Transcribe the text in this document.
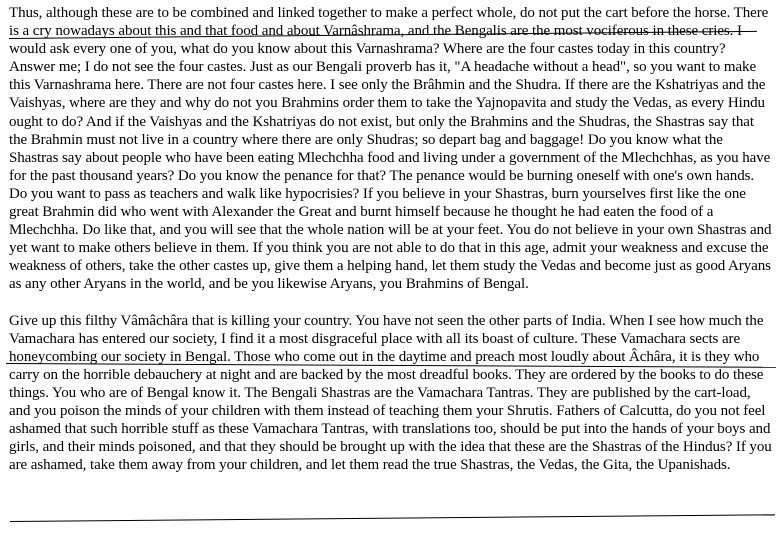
Thus, although these are to be combined and linked together to make a perfect whole, do not put the cart before the horse. There is a cry nowadays about this and that food and about Varnâshrama, and the Bengalis are the most vociferous in these cries. I would ask every one of you, what do you know about this Varnashrama? Where are the four castes today in this country? Answer me; I do not see the four castes. Just as our Bengali proverb has it, "A headache without a head", so you want to make this Varnashrama here. There are not four castes here. I see only the Brâhmin and the Shudra. If there are the Kshatriyas and the Vaishyas, where are they and why do not you Brahmins order them to take the Yajnopavita and study the Vedas, as every Hindu ought to do? And if the Vaishyas and the Kshatriyas do not exist, but only the Brahmins and the Shudras, the Shastras say that the Brahmin must not live in a country where there are only Shudras; so depart bag and baggage! Do you know what the Shastras say about people who have been eating Mlechchha food and living under a government of the Mlechchhas, as you have for the past thousand years? Do you know the penance for that? The penance would be burning oneself with one's own hands. Do you want to pass as teachers and walk like hypocrisies? If you believe in your Shastras, burn yourselves first like the one great Brahmin did who went with Alexander the Great and burnt himself because he thought he had eaten the food of a Mlechchha. Do like that, and you will see that the whole nation will be at your feet. You do not believe in your own Shastras and yet want to make others believe in them. If you think you are not able to do that in this age, admit your weakness and excuse the weakness of others, take the other castes up, give them a helping hand, let them study the Vedas and become just as good Aryans as any other Aryans in the world, and be you likewise Aryans, you Brahmins of Bengal.

Give up this filthy Vâmâchâra that is killing your country. You have not seen the other parts of India. When I see how much the Vamachara has entered our society, I find it a most disgraceful place with all its boast of culture. These Vamachara sects are honeycombing our society in Bengal. Those who come out in the daytime and preach most loudly about Âchâra, it is they who carry on the horrible debauchery at night and are backed by the most dreadful books. They are ordered by the books to do these things. You who are of Bengal know it. The Bengali Shastras are the Vamachara Tantras. They are published by the cart-load, and you poison the minds of your children with them instead of teaching them your Shrutis. Fathers of Calcutta, do you not feel ashamed that such horrible stuff as these Vamachara Tantras, with translations too, should be put into the hands of your boys and girls, and their minds poisoned, and that they should be brought up with the idea that these are the Shastras of the Hindus? If you are ashamed, take them away from your children, and let them read the true Shastras, the Vedas, the Gita, the Upanishads.
